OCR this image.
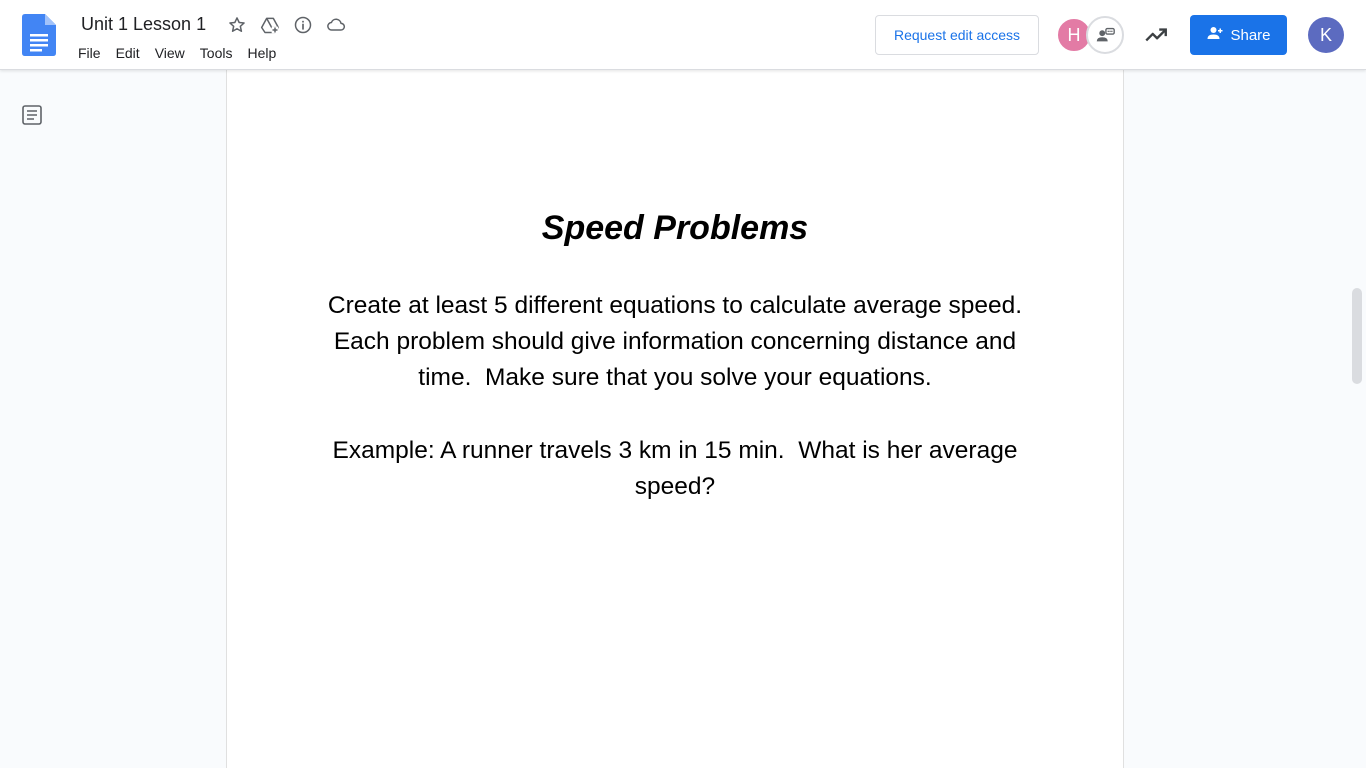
Unit 1 Lesson 1
File	Edit	View	Tools	Help
Request edit access	H	Share	K
Speed Problems
Create at least 5 different equations to calculate average speed.  Each problem should give information concerning distance and time.  Make sure that you solve your equations.
Example: A runner travels 3 km in 15 min.  What is her average speed?
